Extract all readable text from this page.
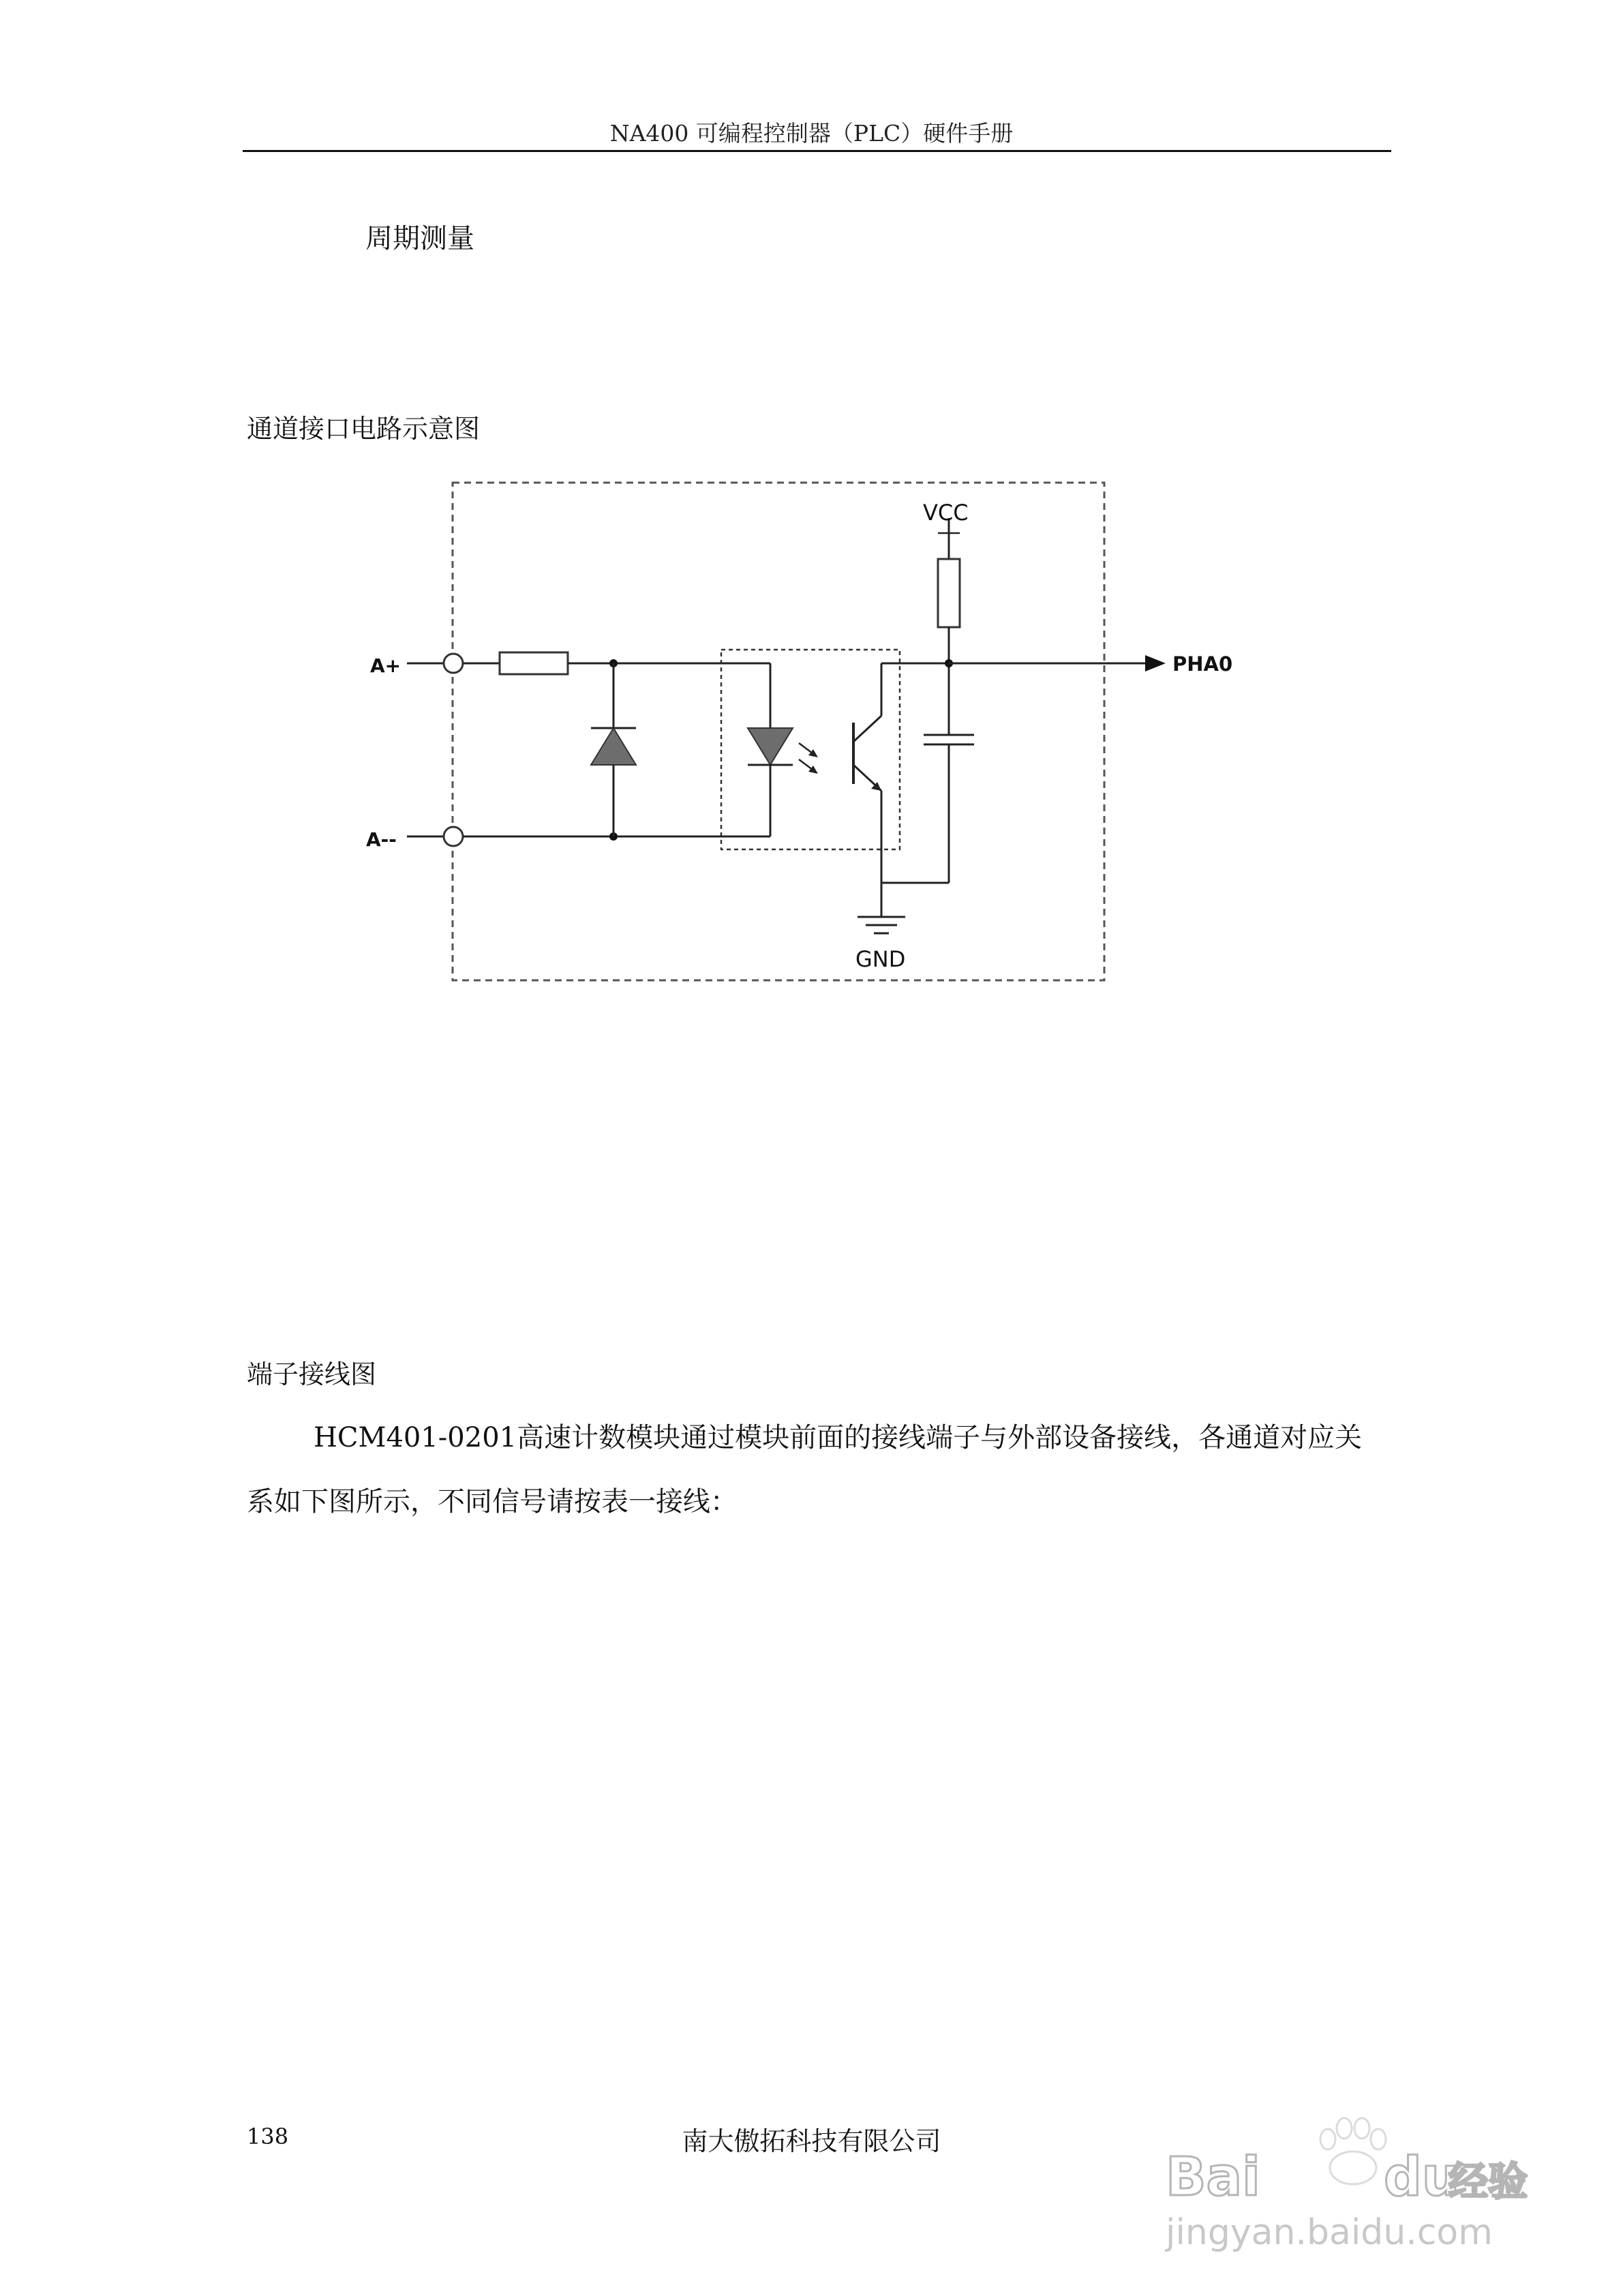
NA400 可编程控制器（PLC）硬件手册
周期测量
通道接口电路示意图
A+
A--
VCC
GND
PHA0
端子接线图
HCM401-0201高速计数模块通过模块前面的接线端子与外部设备接线，各通道对应关
系如下图所示，不同信号请按表一接线：
138	南大傲拓科技有限公司
Bai du
经验
jingyan.baidu.com
